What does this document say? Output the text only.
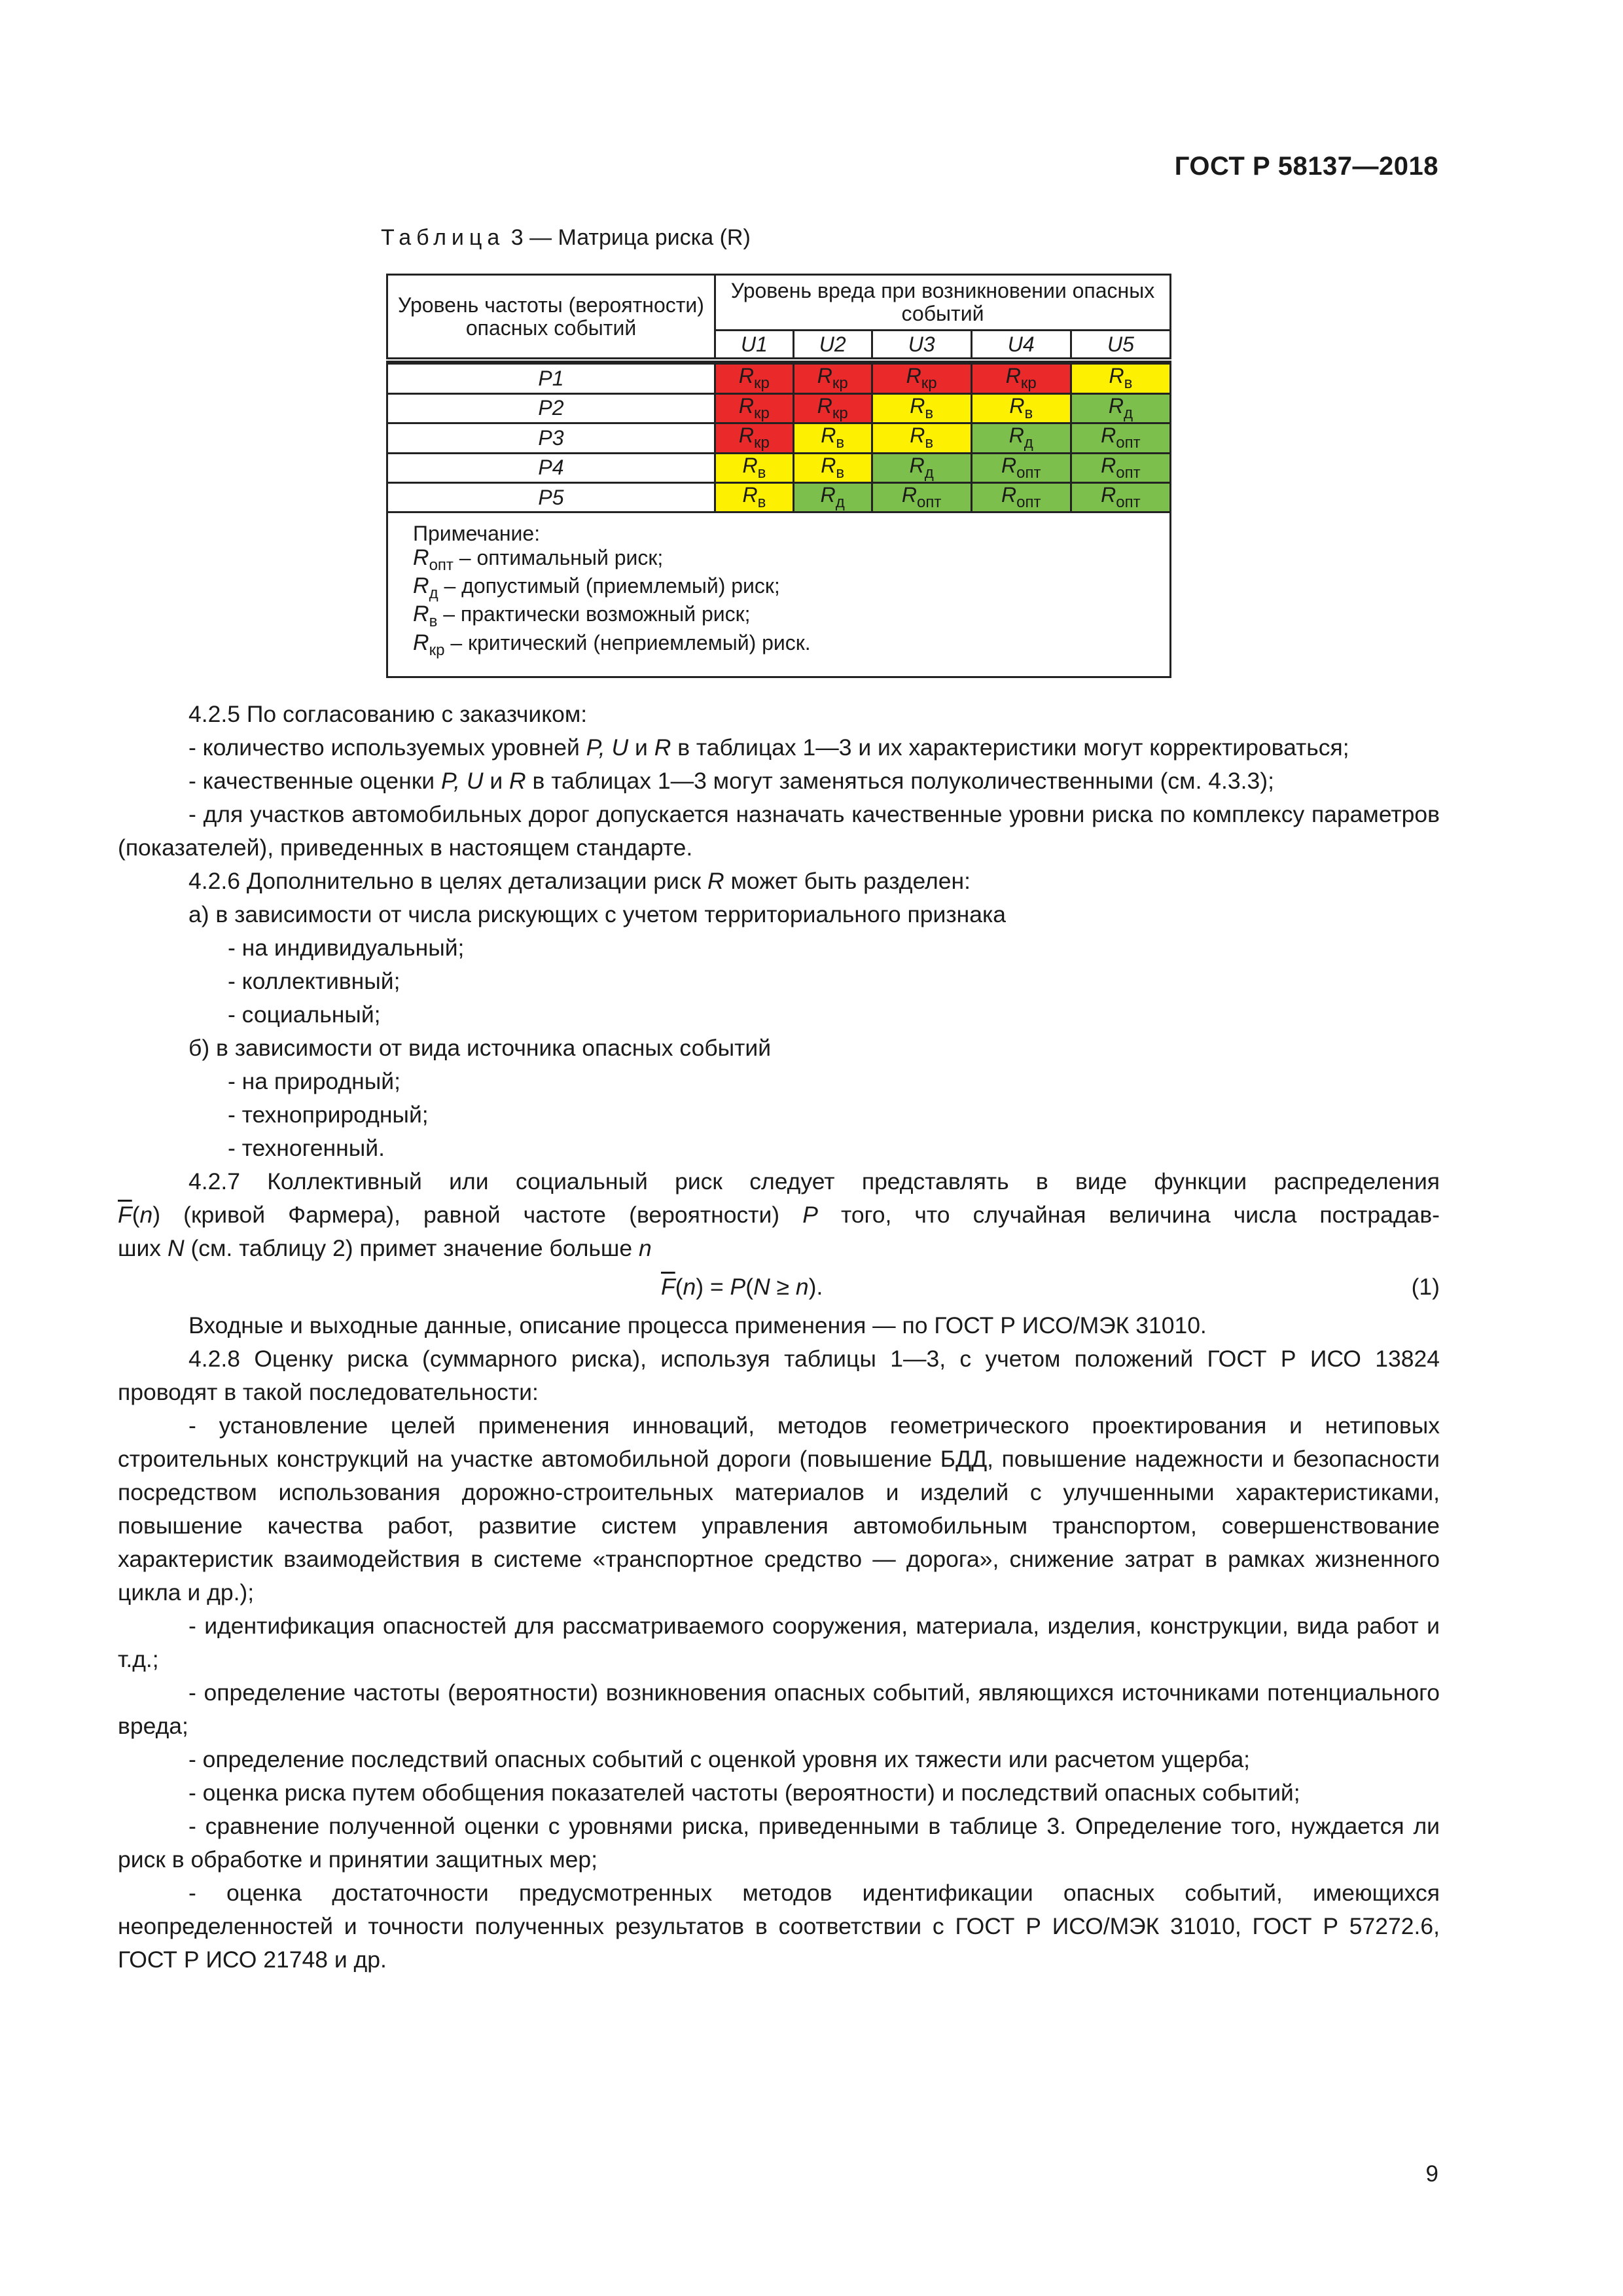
ГОСТ Р 58137—2018
Таблица 3 — Матрица риска (R)
Уровень частоты (вероятности) опасных событий	Уровень вреда при возникновении опасных событий				
	U1	U2	U3	U4	U5

P1	$R_{кр}$	$R_{кр}$	$R_{кр}$	$R_{кр}$	$R_в$
P2	$R_{кр}$	$R_{кр}$	$R_в$	$R_в$	$R_д$
P3	$R_{кр}$	$R_в$	$R_в$	$R_д$	$R_{опт}$
P4	$R_в$	$R_в$	$R_д$	$R_{опт}$	$R_{опт}$
P5	$R_в$	$R_д$	$R_{опт}$	$R_{опт}$	$R_{опт}$

Примечание:
$R_{опт}$ – оптимальный риск;
$R_д$ – допустимый (приемлемый) риск;
$R_в$ – практически возможный риск;
$R_{кр}$ – критический (неприемлемый) риск.					

4.2.5 По согласованию с заказчиком:

- количество используемых уровней P, U и R в таблицах 1—3 и их характеристики могут корректироваться;

- качественные оценки P, U и R в таблицах 1—3 могут заменяться полуколичественными (см. 4.3.3);

- для участков автомобильных дорог допускается назначать качественные уровни риска по комплексу параметров (показателей), приведенных в настоящем стандарте.

4.2.6 Дополнительно в целях детализации риск R может быть разделен:

а) в зависимости от числа рискующих с учетом территориального признака

- на индивидуальный;

- коллективный;

- социальный;

б) в зависимости от вида источника опасных событий

- на природный;

- техноприродный;

- техногенный.

4.2.7 Коллективный или социальный риск следует представлять в виде функции распределения

$\overline{F}(n)$ (кривой Фармера), равной частоте (вероятности) P того, что случайная величина числа пострадав-

ших N (см. таблицу 2) примет значение больше n

$\overline{F}(n) = P(N \ge n)$.	(1)

Входные и выходные данные, описание процесса применения — по ГОСТ Р ИСО/МЭК 31010.

4.2.8 Оценку риска (суммарного риска), используя таблицы 1—3, с учетом положений ГОСТ Р ИСО 13824 проводят в такой последовательности:

- установление целей применения инноваций, методов геометрического проектирования и нетиповых строительных конструкций на участке автомобильной дороги (повышение БДД, повышение надежности и безопасности посредством использования дорожно-строительных материалов и изделий с улучшенными характеристиками, повышение качества работ, развитие систем управления автомобильным транспортом, совершенствование характеристик взаимодействия в системе «транспортное средство — дорога», снижение затрат в рамках жизненного цикла и др.);

- идентификация опасностей для рассматриваемого сооружения, материала, изделия, конструкции, вида работ и т.д.;

- определение частоты (вероятности) возникновения опасных событий, являющихся источниками потенциального вреда;

- определение последствий опасных событий с оценкой уровня их тяжести или расчетом ущерба;

- оценка риска путем обобщения показателей частоты (вероятности) и последствий опасных событий;

- сравнение полученной оценки с уровнями риска, приведенными в таблице 3. Определение того, нуждается ли риск в обработке и принятии защитных мер;

- оценка достаточности предусмотренных методов идентификации опасных событий, имеющихся неопределенностей и точности полученных результатов в соответствии с ГОСТ Р ИСО/МЭК 31010, ГОСТ Р 57272.6, ГОСТ Р ИСО 21748 и др.

9
